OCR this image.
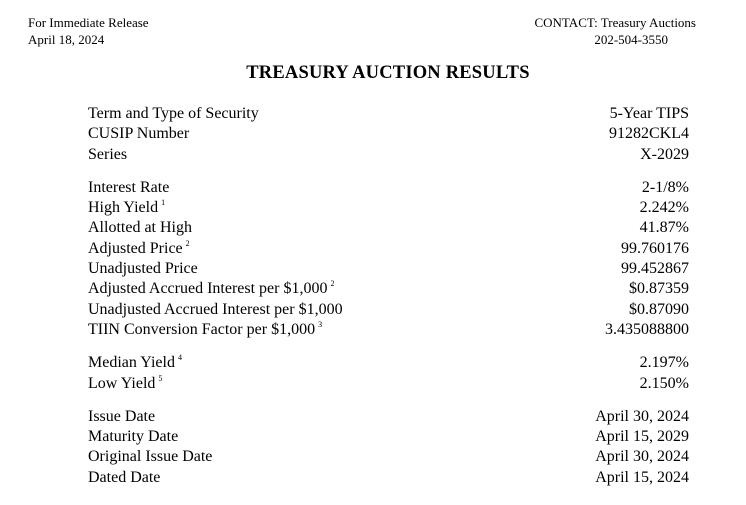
For Immediate Release
April 18, 2024
CONTACT: Treasury Auctions
202-504-3550
TREASURY AUCTION RESULTS
Term and Type of Security	5-Year TIPS
CUSIP Number	91282CKL4
Series	X-2029
Interest Rate	2-1/8%
High Yield $^1$	2.242%
Allotted at High	41.87%
Adjusted Price $^2$	99.760176
Unadjusted Price	99.452867
Adjusted Accrued Interest per $1,000 $^2$	$0.87359
Unadjusted Accrued Interest per $1,000	$0.87090
TIIN Conversion Factor per $1,000 $^3$	3.435088800
Median Yield $^4$	2.197%
Low Yield $^5$	2.150%
Issue Date	April 30, 2024
Maturity Date	April 15, 2029
Original Issue Date	April 30, 2024
Dated Date	April 15, 2024
